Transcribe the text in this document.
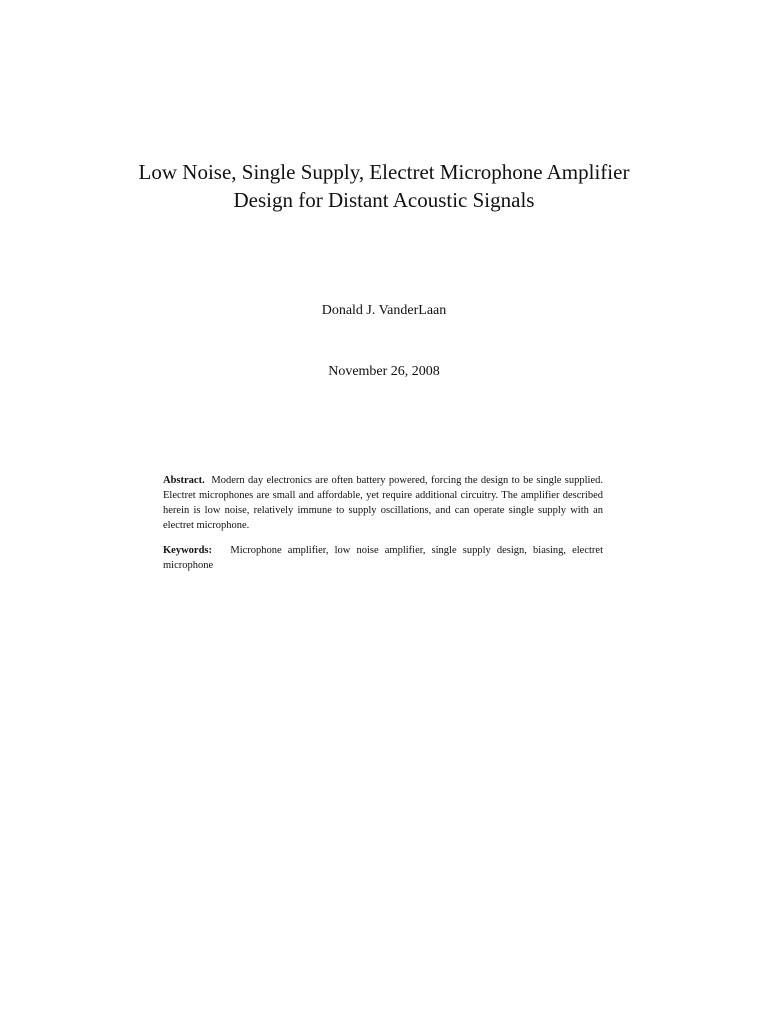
Low Noise, Single Supply, Electret Microphone Amplifier
Design for Distant Acoustic Signals

Donald J. VanderLaan

November 26, 2008

Abstract. Modern day electronics are often battery powered, forcing the design to be single supplied. Electret microphones are small and affordable, yet require additional circuitry. The amplifier described herein is low noise, relatively immune to supply oscillations, and can operate single supply with an electret microphone.

Keywords: Microphone amplifier, low noise amplifier, single supply design, biasing, electret microphone
